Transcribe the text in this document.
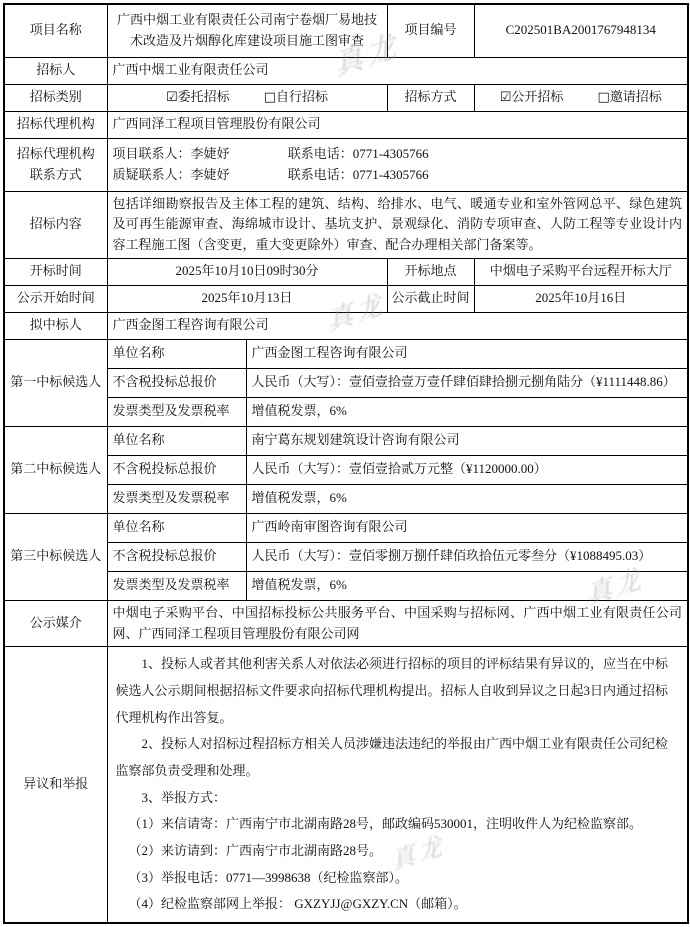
真龙
真龙
真龙
真龙
项目名称	广西中烟工业有限责任公司南宁卷烟厂易地技术改造及片烟醇化库建设项目施工图审查		项目编号	C202501BA2001767948134
招标人	广西中烟工业有限责任公司			
招标类别	☑委托招标 □自行招标		招标方式	☑公开招标 □邀请招标

招标代理机构	广西同泽工程项目管理股份有限公司			

招标代理机构
联系方式	项目联系人：李婕妤 联系电话：0771-4305766
质疑联系人：李婕妤 联系电话：0771-4305766			

招标内容	包括详细勘察报告及主体工程的建筑、结构、给排水、电气、暖通专业和室外管网总平、绿色建筑及可再生能源审查、海绵城市设计、基坑支护、景观绿化、消防专项审查、人防工程等专业设计内容工程施工图（含变更，重大变更除外）审查、配合办理相关部门备案等。			
开标时间	2025年10月10日09时30分		开标地点	中烟电子采购平台远程开标大厅
公示开始时间	2025年10月13日		公示截止时间	2025年10月16日
拟中标人	广西金图工程咨询有限公司			
第一中标候选人	单位名称	广西金图工程咨询有限公司		
	不含税投标总报价	人民币（大写）：壹佰壹拾壹万壹仟肆佰肆拾捌元捌角陆分（¥1111448.86）		
	发票类型及发票税率	增值税发票，6%		
第二中标候选人	单位名称	南宁葛东规划建筑设计咨询有限公司		
	不含税投标总报价	人民币（大写）：壹佰壹拾贰万元整（¥1120000.00）		
	发票类型及发票税率	增值税发票，6%		
第三中标候选人	单位名称	广西岭南审图咨询有限公司		
	不含税投标总报价	人民币（大写）：壹佰零捌万捌仟肆佰玖拾伍元零叁分（¥1088495.03）		
	发票类型及发票税率	增值税发票，6%		
公示媒介	中烟电子采购平台、中国招标投标公共服务平台、中国采购与招标网、广西中烟工业有限责任公司网、广西同泽工程项目管理股份有限公司网			
异议和举报	

1、投标人或者其他利害关系人对依法必须进行招标的项目的评标结果有异议的，应当在中标候选人公示期间根据招标文件要求向招标代理机构提出。招标人自收到异议之日起3日内通过招标代理机构作出答复。

2、投标人对招标过程招标方相关人员涉嫌违法违纪的举报由广西中烟工业有限责任公司纪检监察部负责受理和处理。

3、举报方式：

（1）来信请寄：广西南宁市北湖南路28号，邮政编码530001，注明收件人为纪检监察部。

（2）来访请到：广西南宁市北湖南路28号。

（3）举报电话：0771—3998638（纪检监察部）。

（4）纪检监察部网上举报： GXZYJJ@GXZY.CN（邮箱）。
